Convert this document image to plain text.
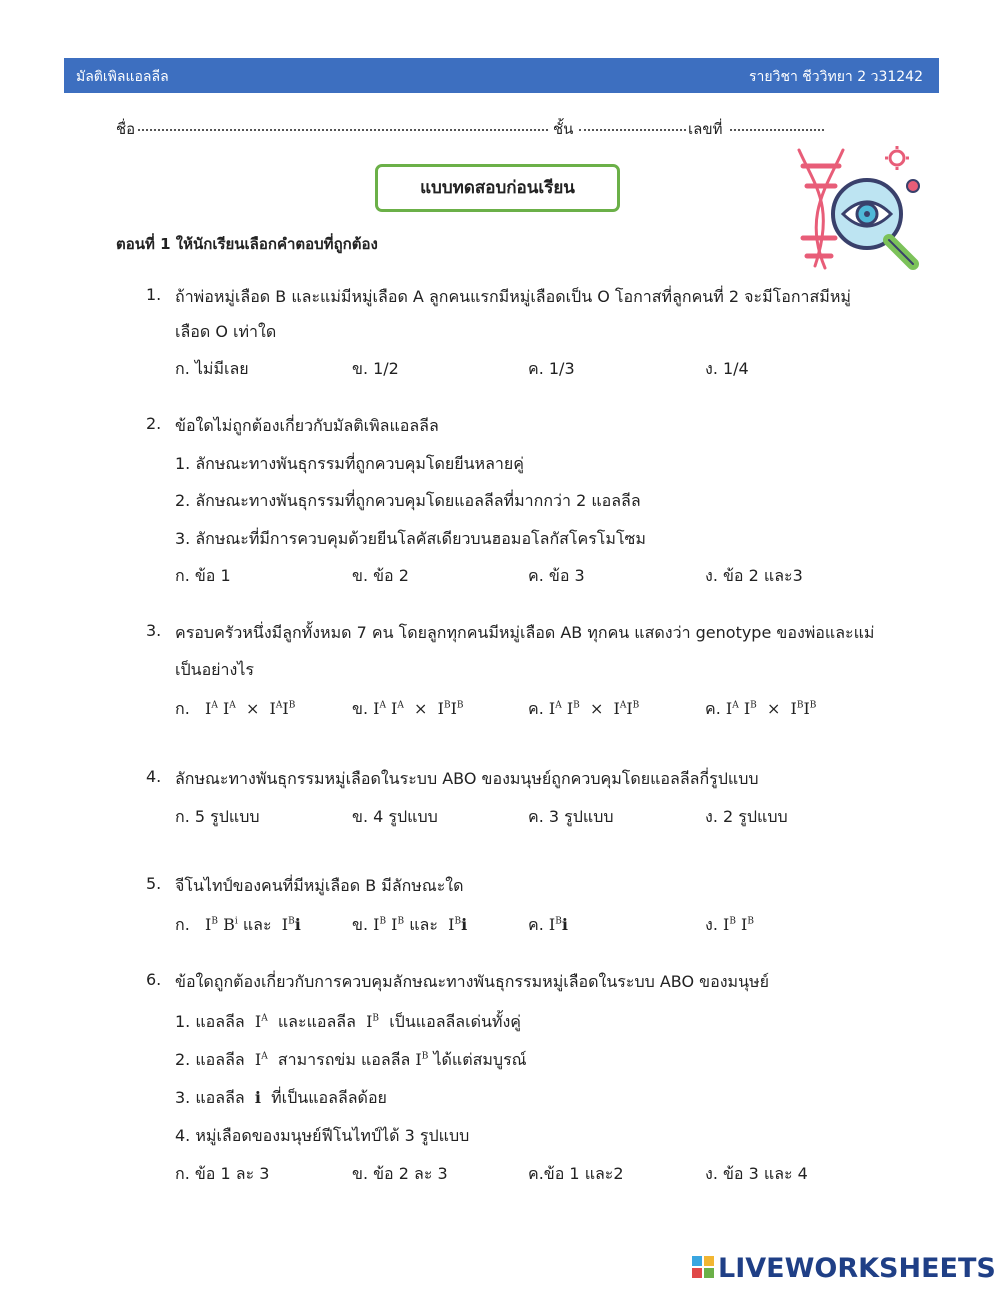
มัลติเพิลแอลลีล	รายวิชา ชีววิทยา 2 ว31242
ชื่อ	ชั้น	เลขที่
แบบทดสอบก่อนเรียน
ตอนที่ 1 ให้นักเรียนเลือกคำตอบที่ถูกต้อง
1. ถ้าพ่อหมู่เลือด B และแม่มีหมู่เลือด A ลูกคนแรกมีหมู่เลือดเป็น O โอกาสที่ลูกคนที่ 2 จะมีโอกาสมีหมู่
เลือด O เท่าใด
ก. ไม่มีเลย	ข. 1/2	ค. 1/3	ง. 1/4
2. ข้อใดไม่ถูกต้องเกี่ยวกับมัลติเพิลแอลลีล
1. ลักษณะทางพันธุกรรมที่ถูกควบคุมโดยยีนหลายคู่
2. ลักษณะทางพันธุกรรมที่ถูกควบคุมโดยแอลลีลที่มากกว่า 2 แอลลีล
3. ลักษณะที่มีการควบคุมด้วยยีนโลคัสเดียวบนฮอมอโลกัสโครโมโซม
ก. ข้อ 1	ข. ข้อ 2	ค. ข้อ 3	ง. ข้อ 2 และ3
3. ครอบครัวหนึ่งมีลูกทั้งหมด 7 คน โดยลูกทุกคนมีหมู่เลือด AB ทุกคน แสดงว่า genotype ของพ่อและแม่
เป็นอย่างไร
ก. $I^A$ $I^A \times I^AI^B$	ข. $I^A$ $I^A \times I^BI^B$	ค. $I^A$ $I^B \times I^AI^B$	ค. $I^A$ $I^B \times I^BI^B$
4. ลักษณะทางพันธุกรรมหมู่เลือดในระบบ ABO ของมนุษย์ถูกควบคุมโดยแอลลีลกี่รูปแบบ
ก. 5 รูปแบบ	ข. 4 รูปแบบ	ค. 3 รูปแบบ	ง. 2 รูปแบบ
5. จีโนไทป์ของคนที่มีหมู่เลือด B มีลักษณะใด
ก. $I^B$ $B^i$ และ $I^Bi$	ข. $I^B$ $I^B$ และ $I^Bi$	ค. $I^Bi$	ง. $I^B$ $I^B$
6. ข้อใดถูกต้องเกี่ยวกับการควบคุมลักษณะทางพันธุกรรมหมู่เลือดในระบบ ABO ของมนุษย์
1. แอลลีล $I^A$ และแอลลีล $I^B$ เป็นแอลลีลเด่นทั้งคู่
2. แอลลีล $I^A$ สามารถข่ม แอลลีล $I^B$ ได้แต่สมบูรณ์
3. แอลลีล i ที่เป็นแอลลีลด้อย
4. หมู่เลือดของมนุษย์ฟีโนไทป์ได้ 3 รูปแบบ
ก. ข้อ 1 ละ 3	ข. ข้อ 2 ละ 3	ค.ข้อ 1 และ2	ง. ข้อ 3 และ 4
LIVEWORKSHEETS
